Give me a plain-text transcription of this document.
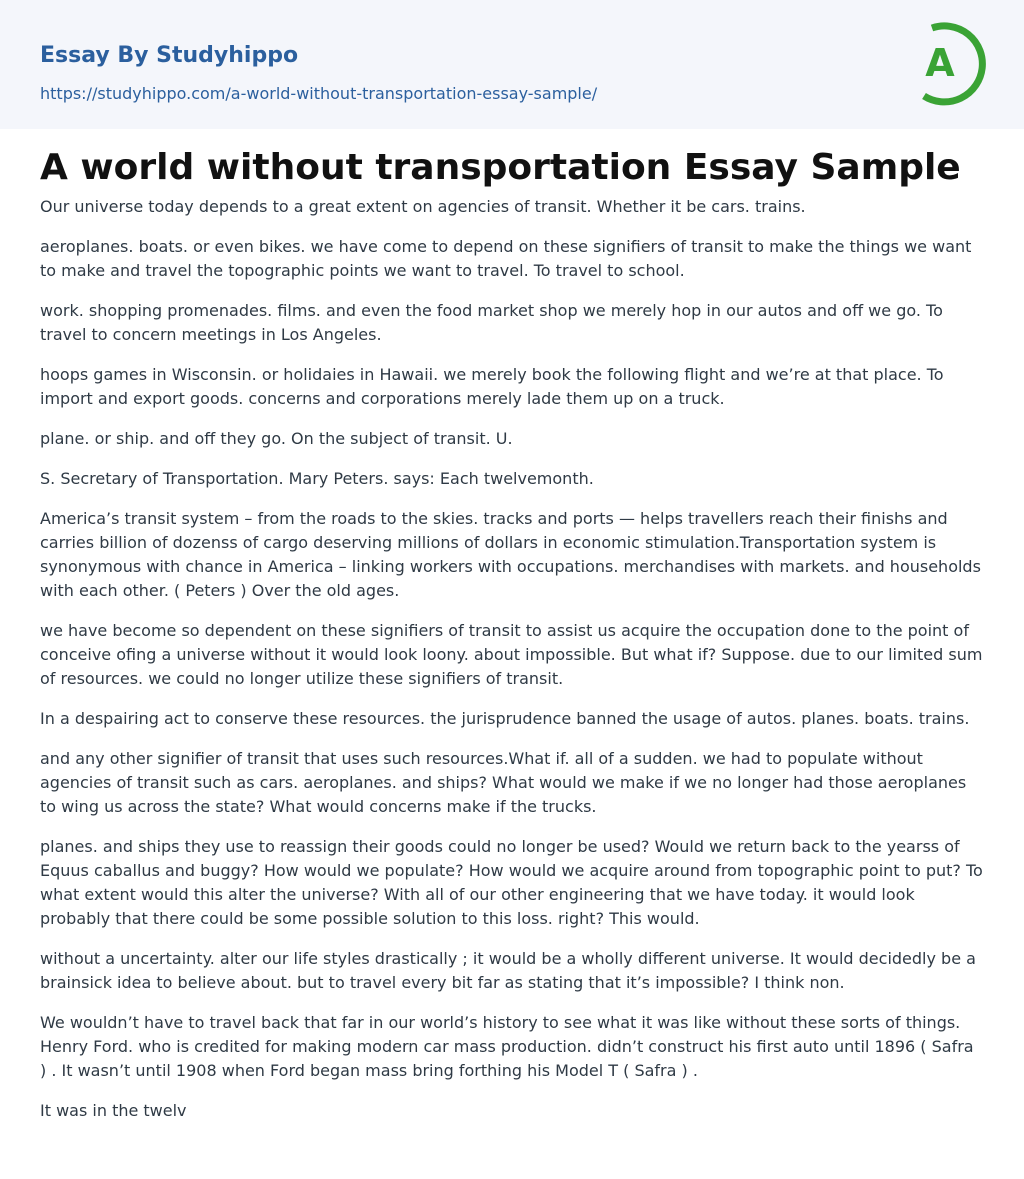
Essay By Studyhippo
https://studyhippo.com/a-world-without-transportation-essay-sample/
A
A world without transportation Essay Sample

Our universe today depends to a great extent on agencies of transit. Whether it be cars. trains.

aeroplanes. boats. or even bikes. we have come to depend on these signifiers of transit to make the things we want to make and travel the topographic points we want to travel. To travel to school.

work. shopping promenades. films. and even the food market shop we merely hop in our autos and off we go. To travel to concern meetings in Los Angeles.

hoops games in Wisconsin. or holidaies in Hawaii. we merely book the following flight and we’re at that place. To import and export goods. concerns and corporations merely lade them up on a truck.

plane. or ship. and off they go. On the subject of transit. U.

S. Secretary of Transportation. Mary Peters. says: Each twelvemonth.

America’s transit system – from the roads to the skies. tracks and ports — helps travellers reach their finishs and carries billion of dozenss of cargo deserving millions of dollars in economic stimulation.Transportation system is synonymous with chance in America – linking workers with occupations. merchandises with markets. and households with each other. ( Peters ) Over the old ages.

we have become so dependent on these signifiers of transit to assist us acquire the occupation done to the point of conceive ofing a universe without it would look loony. about impossible. But what if? Suppose. due to our limited sum of resources. we could no longer utilize these signifiers of transit.

In a despairing act to conserve these resources. the jurisprudence banned the usage of autos. planes. boats. trains.

and any other signifier of transit that uses such resources.What if. all of a sudden. we had to populate without agencies of transit such as cars. aeroplanes. and ships? What would we make if we no longer had those aeroplanes to wing us across the state? What would concerns make if the trucks.

planes. and ships they use to reassign their goods could no longer be used? Would we return back to the yearss of Equus caballus and buggy? How would we populate? How would we acquire around from topographic point to put? To what extent would this alter the universe? With all of our other engineering that we have today. it would look probably that there could be some possible solution to this loss. right? This would.

without a uncertainty. alter our life styles drastically ; it would be a wholly different universe. It would decidedly be a brainsick idea to believe about. but to travel every bit far as stating that it’s impossible? I think non.

We wouldn’t have to travel back that far in our world’s history to see what it was like without these sorts of things. Henry Ford. who is credited for making modern car mass production. didn’t construct his first auto until 1896 ( Safra ) . It wasn’t until 1908 when Ford began mass bring forthing his Model T ( Safra ) .

It was in the twelv
